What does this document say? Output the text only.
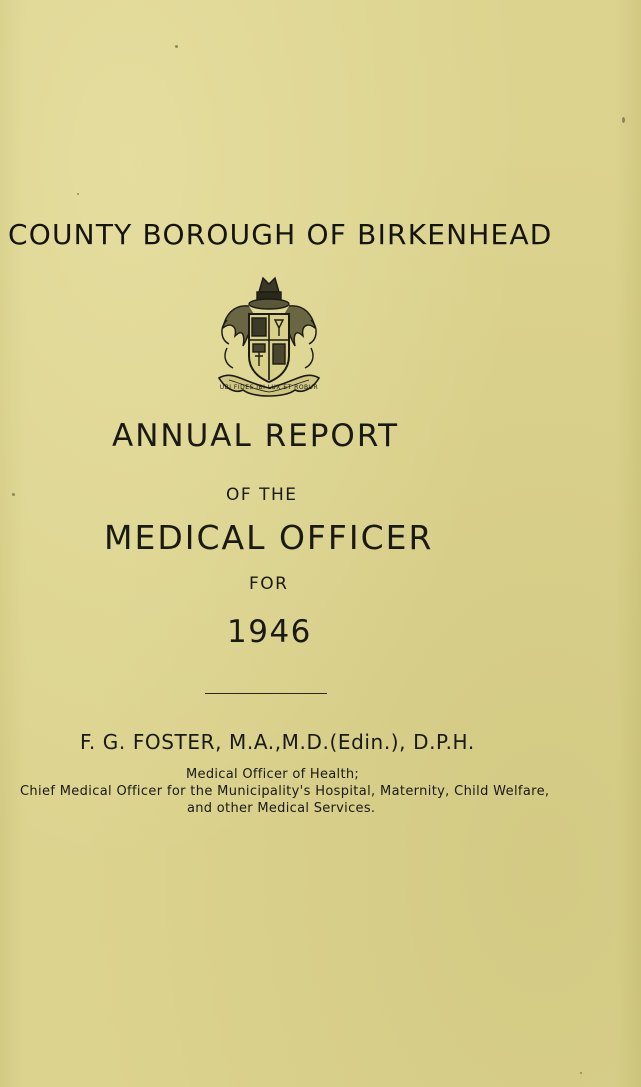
COUNTY BOROUGH OF BIRKENHEAD
UBI FIDES IBI LUX ET ROBUR
ANNUAL REPORT
OF THE
MEDICAL OFFICER
FOR
1946
F. G. FOSTER, M.A.,M.D.(Edin.), D.P.H.
Medical Officer of Health;
Chief Medical Officer for the Municipality's Hospital, Maternity, Child Welfare,
and other Medical Services.
